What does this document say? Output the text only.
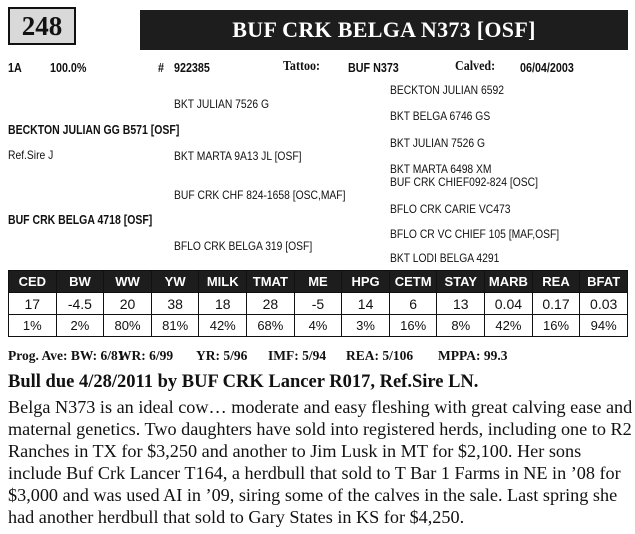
248	BUF CRK BELGA N373 [OSF]
1A 100.0%	# 922385	Tattoo: BUF N373	Calved: 06/04/2003
BECKTON JULIAN 6592
BKT JULIAN 7526 G
BKT BELGA 6746 GS
BECKTON JULIAN GG B571 [OSF]
BKT JULIAN 7526 G
Ref.Sire J	BKT MARTA 9A13 JL [OSF]
BKT MARTA 6498 XM
BUF CRK CHIEF092-824 [OSC]
BUF CRK CHF 824-1658 [OSC,MAF]
BFLO CRK CARIE VC473
BUF CRK BELGA 4718 [OSF]
BFLO CR VC CHIEF 105 [MAF,OSF]
BFLO CRK BELGA 319 [OSF]
BKT LODI BELGA 4291
CED	BW	WW	YW	MILK	TMAT	ME	HPG	CETM	STAY	MARB	REA	BFAT
17	-4.5	20	38	18	28	-5	14	6	13	0.04	0.17	0.03
1%	2%	80%	81%	42%	68%	4%	3%	16%	8%	42%	16%	94%
Prog. Ave: BW: 6/81WR: 6/99 YR: 5/96 IMF: 5/94 REA: 5/106 MPPA: 99.3
Bull due 4/28/2011 by BUF CRK Lancer R017, Ref.Sire LN.
Belga N373 is an ideal cow… moderate and easy fleshing with great calving ease and maternal genetics. Two daughters have sold into registered herds, including one to R2 Ranches in TX for $3,250 and another to Jim Lusk in MT for $2,100. Her sons include Buf Crk Lancer T164, a herdbull that sold to T Bar 1 Farms in NE in ’08 for $3,000 and was used AI in ’09, siring some of the calves in the sale. Last spring she had another herdbull that sold to Gary States in KS for $4,250.
